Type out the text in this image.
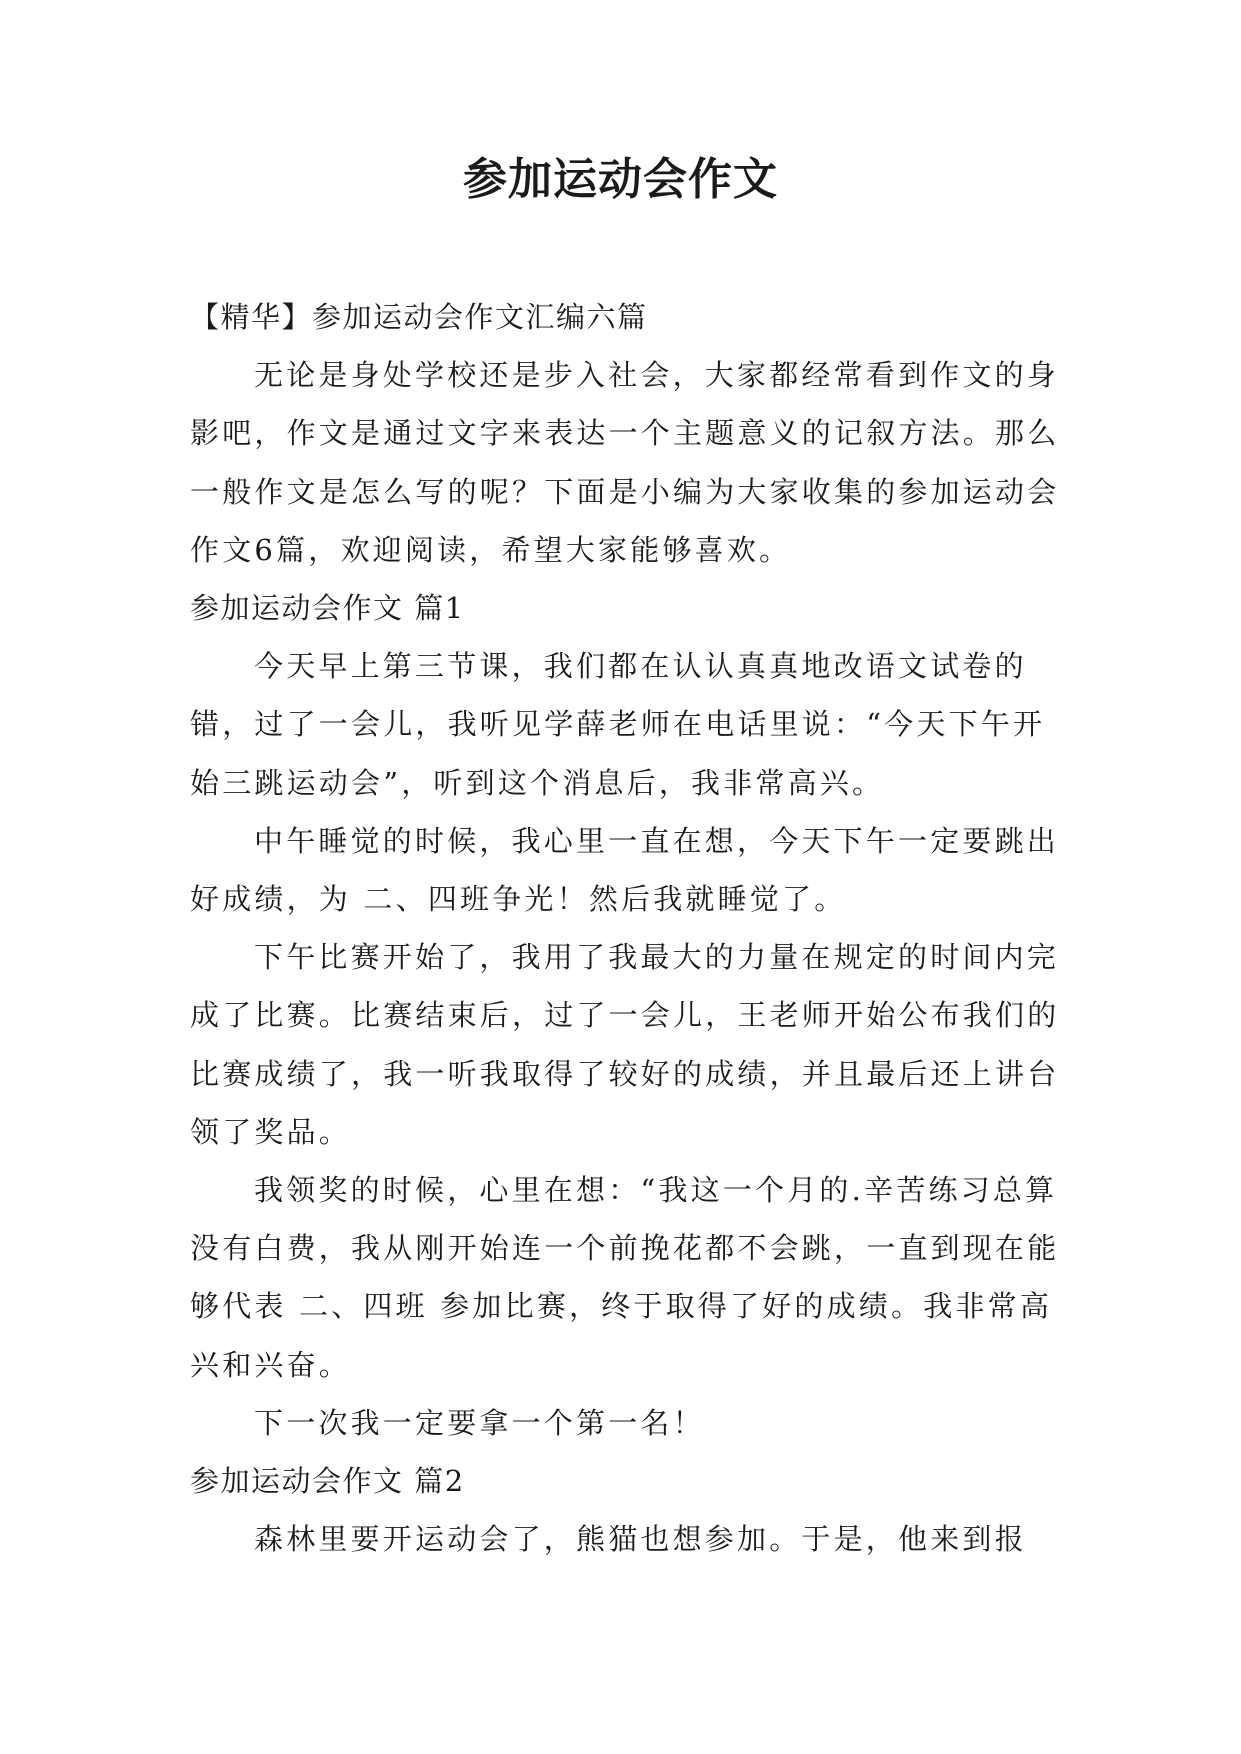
参加运动会作文

【精华】参加运动会作文汇编六篇

无论是身处学校还是步入社会，大家都经常看到作文的身影吧，作文是通过文字来表达一个主题意义的记叙方法。那么一般作文是怎么写的呢？下面是小编为大家收集的参加运动会作文6篇，欢迎阅读，希望大家能够喜欢。

参加运动会作文 篇1

今天早上第三节课，我们都在认认真真地改语文试卷的错，过了一会儿，我听见学薛老师在电话里说：“今天下午开始三跳运动会”，听到这个消息后，我非常高兴。

中午睡觉的时候，我心里一直在想，今天下午一定要跳出好成绩，为 二、四班争光！然后我就睡觉了。

下午比赛开始了，我用了我最大的力量在规定的时间内完成了比赛。比赛结束后，过了一会儿，王老师开始公布我们的比赛成绩了，我一听我取得了较好的成绩，并且最后还上讲台领了奖品。

我领奖的时候，心里在想：“我这一个月的.辛苦练习总算没有白费，我从刚开始连一个前挽花都不会跳，一直到现在能够代表 二、四班 参加比赛，终于取得了好的成绩。我非常高兴和兴奋。

下一次我一定要拿一个第一名！

参加运动会作文 篇2

森林里要开运动会了，熊猫也想参加。于是，他来到报
